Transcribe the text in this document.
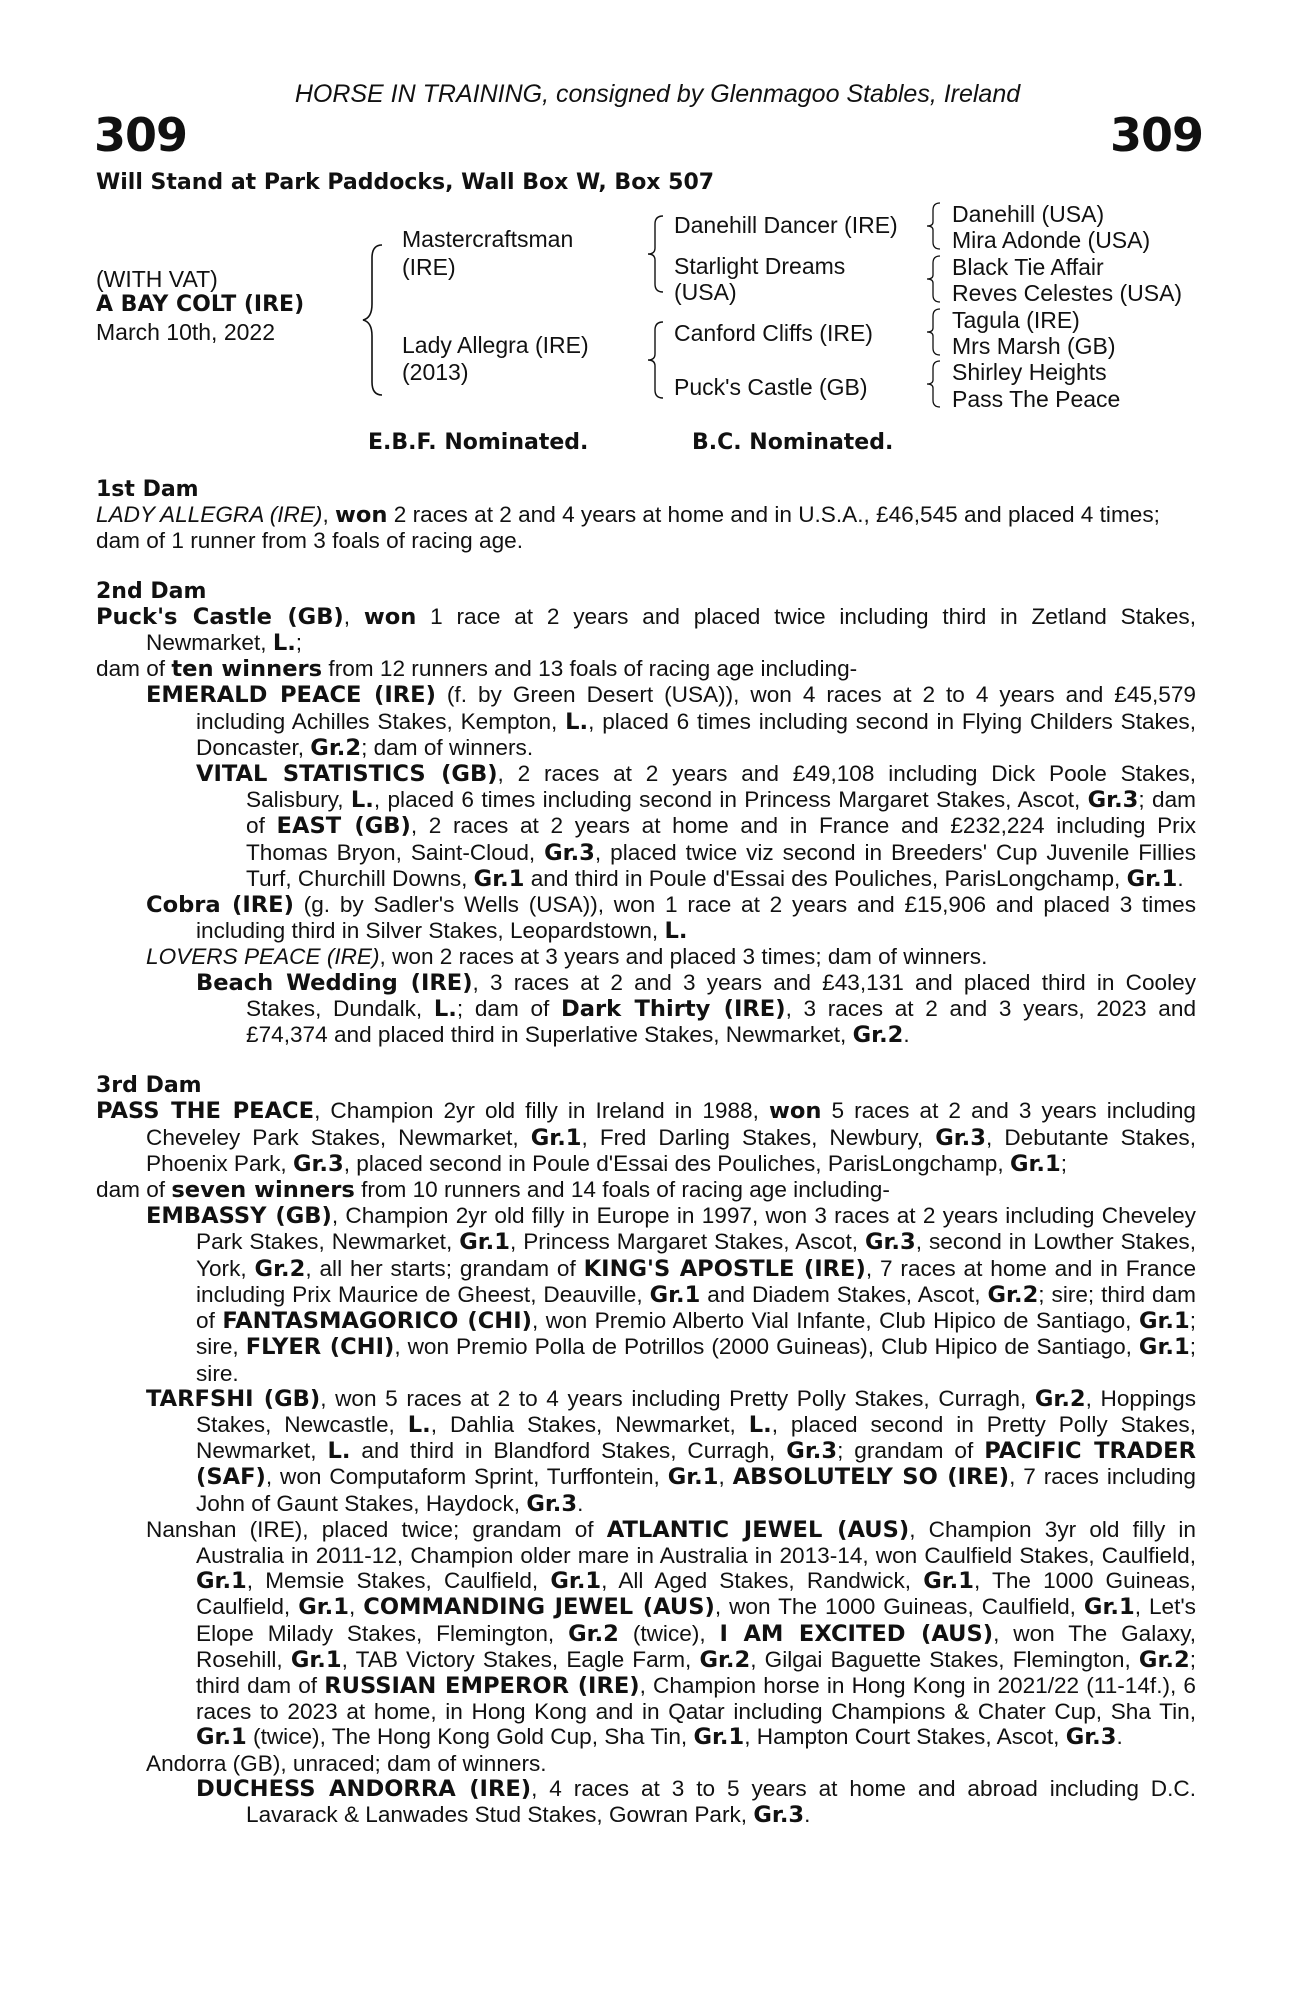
HORSE IN TRAINING, consigned by Glenmagoo Stables, Ireland
309	309
Will Stand at Park Paddocks, Wall Box W, Box 507
(WITH VAT)
A BAY COLT (IRE)
March 10th, 2022
Mastercraftsman
(IRE)
Lady Allegra (IRE)
(2013)
Danehill Dancer (IRE)
Starlight Dreams
(USA)
Canford Cliffs (IRE)
Puck's Castle (GB)
Danehill (USA)
Mira Adonde (USA)
Black Tie Affair
Reves Celestes (USA)
Tagula (IRE)
Mrs Marsh (GB)
Shirley Heights
Pass The Peace
E.B.F. Nominated.	B.C. Nominated.
1st Dam
LADY ALLEGRA (IRE), won 2 races at 2 and 4 years at home and in U.S.A., £46,545 and placed 4 times;
dam of 1 runner from 3 foals of racing age.
2nd Dam
Puck's Castle (GB), won 1 race at 2 years and placed twice including third in Zetland Stakes, Newmarket, L.;
dam of ten winners from 12 runners and 13 foals of racing age including-
EMERALD PEACE (IRE) (f. by Green Desert (USA)), won 4 races at 2 to 4 years and £45,579 including Achilles Stakes, Kempton, L., placed 6 times including second in Flying Childers Stakes, Doncaster, Gr.2; dam of winners.
VITAL STATISTICS (GB), 2 races at 2 years and £49,108 including Dick Poole Stakes, Salisbury, L., placed 6 times including second in Princess Margaret Stakes, Ascot, Gr.3; dam of EAST (GB), 2 races at 2 years at home and in France and £232,224 including Prix Thomas Bryon, Saint-Cloud, Gr.3, placed twice viz second in Breeders' Cup Juvenile Fillies Turf, Churchill Downs, Gr.1 and third in Poule d'Essai des Pouliches, ParisLongchamp, Gr.1.
Cobra (IRE) (g. by Sadler's Wells (USA)), won 1 race at 2 years and £15,906 and placed 3 times including third in Silver Stakes, Leopardstown, L.
LOVERS PEACE (IRE), won 2 races at 3 years and placed 3 times; dam of winners.
Beach Wedding (IRE), 3 races at 2 and 3 years and £43,131 and placed third in Cooley Stakes, Dundalk, L.; dam of Dark Thirty (IRE), 3 races at 2 and 3 years, 2023 and £74,374 and placed third in Superlative Stakes, Newmarket, Gr.2.
3rd Dam
PASS THE PEACE, Champion 2yr old filly in Ireland in 1988, won 5 races at 2 and 3 years including Cheveley Park Stakes, Newmarket, Gr.1, Fred Darling Stakes, Newbury, Gr.3, Debutante Stakes, Phoenix Park, Gr.3, placed second in Poule d'Essai des Pouliches, ParisLongchamp, Gr.1;
dam of seven winners from 10 runners and 14 foals of racing age including-
EMBASSY (GB), Champion 2yr old filly in Europe in 1997, won 3 races at 2 years including Cheveley Park Stakes, Newmarket, Gr.1, Princess Margaret Stakes, Ascot, Gr.3, second in Lowther Stakes, York, Gr.2, all her starts; grandam of KING'S APOSTLE (IRE), 7 races at home and in France including Prix Maurice de Gheest, Deauville, Gr.1 and Diadem Stakes, Ascot, Gr.2; sire; third dam of FANTASMAGORICO (CHI), won Premio Alberto Vial Infante, Club Hipico de Santiago, Gr.1; sire, FLYER (CHI), won Premio Polla de Potrillos (2000 Guineas), Club Hipico de Santiago, Gr.1; sire.
TARFSHI (GB), won 5 races at 2 to 4 years including Pretty Polly Stakes, Curragh, Gr.2, Hoppings Stakes, Newcastle, L., Dahlia Stakes, Newmarket, L., placed second in Pretty Polly Stakes, Newmarket, L. and third in Blandford Stakes, Curragh, Gr.3; grandam of PACIFIC TRADER (SAF), won Computaform Sprint, Turffontein, Gr.1, ABSOLUTELY SO (IRE), 7 races including John of Gaunt Stakes, Haydock, Gr.3.
Nanshan (IRE), placed twice; grandam of ATLANTIC JEWEL (AUS), Champion 3yr old filly in Australia in 2011-12, Champion older mare in Australia in 2013-14, won Caulfield Stakes, Caulfield, Gr.1, Memsie Stakes, Caulfield, Gr.1, All Aged Stakes, Randwick, Gr.1, The 1000 Guineas, Caulfield, Gr.1, COMMANDING JEWEL (AUS), won The 1000 Guineas, Caulfield, Gr.1, Let's Elope Milady Stakes, Flemington, Gr.2 (twice), I AM EXCITED (AUS), won The Galaxy, Rosehill, Gr.1, TAB Victory Stakes, Eagle Farm, Gr.2, Gilgai Baguette Stakes, Flemington, Gr.2; third dam of RUSSIAN EMPEROR (IRE), Champion horse in Hong Kong in 2021/22 (11-14f.), 6 races to 2023 at home, in Hong Kong and in Qatar including Champions & Chater Cup, Sha Tin, Gr.1 (twice), The Hong Kong Gold Cup, Sha Tin, Gr.1, Hampton Court Stakes, Ascot, Gr.3.
Andorra (GB), unraced; dam of winners.
DUCHESS ANDORRA (IRE), 4 races at 3 to 5 years at home and abroad including D.C. Lavarack & Lanwades Stud Stakes, Gowran Park, Gr.3.
